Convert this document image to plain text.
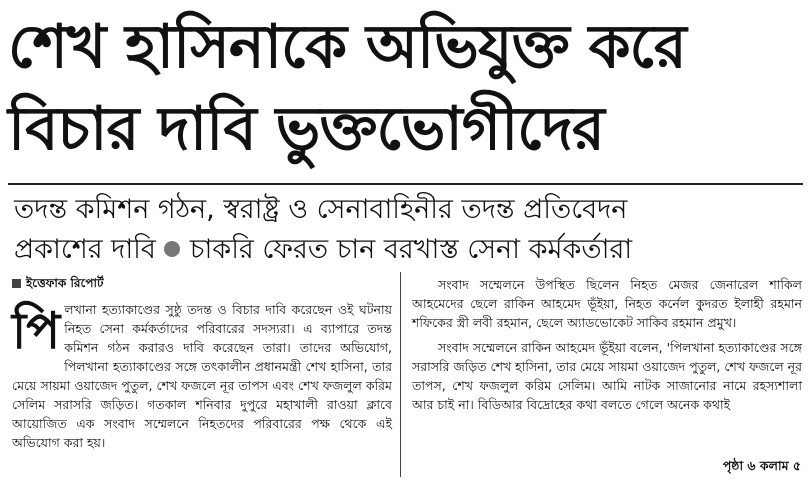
শেখ হাসিনাকে অভিযুক্ত করে
বিচার দাবি ভুক্তভোগীদের
তদন্ত কমিশন গঠন, স্বরাষ্ট্র ও সেনাবাহিনীর তদন্ত প্রতিবেদন
প্রকাশের দাবি চাকরি ফেরত চান বরখাস্ত সেনা কর্মকর্তারা
ইত্তেফাক রিপোর্ট
পিলখানা হত্যাকাণ্ডের সুষ্ঠু তদন্ত ও বিচার দাবি করেছেন ওই ঘটনায় নিহত সেনা কর্মকর্তাদের পরিবারের সদস্যরা। এ ব্যাপারে তদন্ত কমিশন গঠন করারও দাবি করেছেন তারা। তাদের অভিযোগ, পিলখানা হত্যাকাণ্ডের সঙ্গে তৎকালীন প্রধানমন্ত্রী শেখ হাসিনা, তার মেয়ে সায়মা ওয়াজেদ পুতুল, শেখ ফজলে নূর তাপস এবং শেখ ফজলুল করিম সেলিম সরাসরি জড়িত। গতকাল শনিবার দুপুরে মহাখালী রাওয়া ক্লাবে আয়োজিত এক সংবাদ সম্মেলনে নিহতদের পরিবারের পক্ষ থেকে এই অভিযোগ করা হয়।

সংবাদ সম্মেলনে উপস্থিত ছিলেন নিহত মেজর জেনারেল শাকিল আহমেদের ছেলে রাকিন আহমেদ ভূঁইয়া, নিহত কর্নেল কুদরত ইলাহী রহমান শফিকের স্ত্রী লবী রহমান, ছেলে অ্যাডভোকেট সাকিব রহমান প্রমুখ।

সংবাদ সম্মেলনে রাকিন আহমেদ ভূঁইয়া বলেন, 'পিলখানা হত্যাকাণ্ডের সঙ্গে সরাসরি জড়িত শেখ হাসিনা, তার মেয়ে সায়মা ওয়াজেদ পুতুল, শেখ ফজলে নূর তাপস, শেখ ফজলুল করিম সেলিম। আমি নাটক সাজানোর নামে রহস্যশালা আর চাই না। বিডিআর বিদ্রোহের কথা বলতে গেলে অনেক কথাই

পৃষ্ঠা ৬ কলাম ৫
